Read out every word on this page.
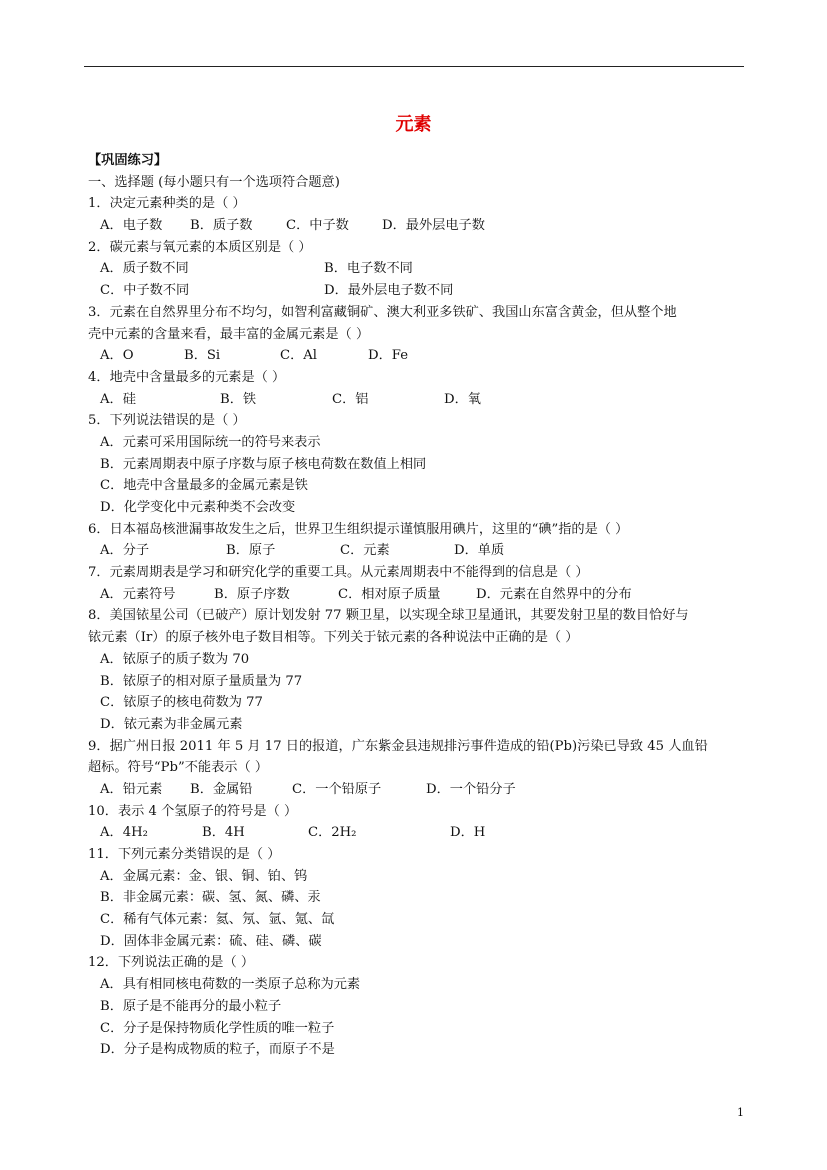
元素
【巩固练习】
一、选择题 (每小题只有一个选项符合题意)
1．决定元素种类的是（ ）
A．电子数	B．质子数	C．中子数	D．最外层电子数
2．碳元素与氧元素的本质区别是（ ）
A．质子数不同	B．电子数不同
C．中子数不同	D．最外层电子数不同
3．元素在自然界里分布不均匀，如智利富藏铜矿、澳大利亚多铁矿、我国山东富含黄金，但从整个地
壳中元素的含量来看，最丰富的金属元素是（ ）
A．O	B．Si	C．Al	D．Fe
4．地壳中含量最多的元素是（ ）
A．硅	B．铁	C．铝	D．氧
5．下列说法错误的是（ ）
A．元素可采用国际统一的符号来表示
B．元素周期表中原子序数与原子核电荷数在数值上相同
C．地壳中含量最多的金属元素是铁
D．化学变化中元素种类不会改变
6．日本福岛核泄漏事故发生之后，世界卫生组织提示谨慎服用碘片，这里的“碘”指的是（ ）
A．分子	B．原子	C．元素	D．单质
7．元素周期表是学习和研究化学的重要工具。从元素周期表中不能得到的信息是（ ）
A．元素符号	B．原子序数	C．相对原子质量	D．元素在自然界中的分布
8．美国铱星公司（已破产）原计划发射 77 颗卫星，以实现全球卫星通讯，其要发射卫星的数目恰好与
铱元素（Ir）的原子核外电子数目相等。下列关于铱元素的各种说法中正确的是（ ）
A．铱原子的质子数为 70
B．铱原子的相对原子量质量为 77
C．铱原子的核电荷数为 77
D．铱元素为非金属元素
9．据广州日报 2011 年 5 月 17 日的报道，广东紫金县违规排污事件造成的铅(Pb)污染已导致 45 人血铅
超标。符号“Pb”不能表示（ ）
A．铅元素	B．金属铅	C．一个铅原子	D．一个铅分子
10．表示 4 个氢原子的符号是（ ）
A．4H₂	B．4H	C．2H₂	D．H
11．下列元素分类错误的是（ ）
A．金属元素：金、银、铜、铂、钨
B．非金属元素：碳、氢、氮、磷、汞
C．稀有气体元素：氦、氖、氩、氪、氙
D．固体非金属元素：硫、硅、磷、碳
12．下列说法正确的是（ ）
A．具有相同核电荷数的一类原子总称为元素
B．原子是不能再分的最小粒子
C．分子是保持物质化学性质的唯一粒子
D．分子是构成物质的粒子，而原子不是
1
